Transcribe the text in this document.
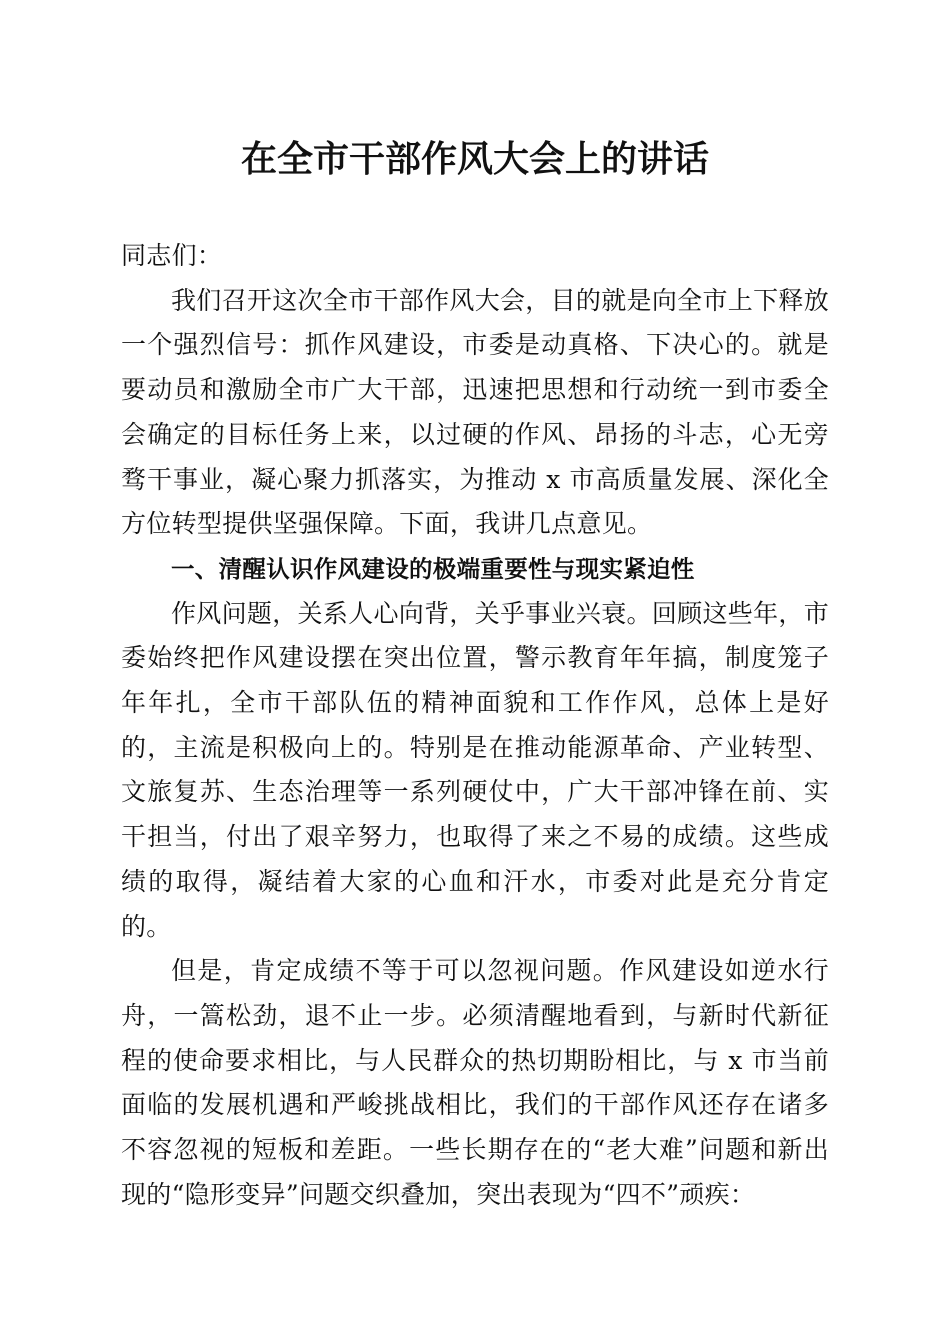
在全市干部作风大会上的讲话

同志们：

我们召开这次全市干部作风大会，目的就是向全市上下释放一个强烈信号：抓作风建设，市委是动真格、下决心的。就是要动员和激励全市广大干部，迅速把思想和行动统一到市委全会确定的目标任务上来，以过硬的作风、昂扬的斗志，心无旁骛干事业，凝心聚力抓落实，为推动 x 市高质量发展、深化全方位转型提供坚强保障。下面，我讲几点意见。

一、清醒认识作风建设的极端重要性与现实紧迫性

作风问题，关系人心向背，关乎事业兴衰。回顾这些年，市委始终把作风建设摆在突出位置，警示教育年年搞，制度笼子年年扎，全市干部队伍的精神面貌和工作作风，总体上是好的，主流是积极向上的。特别是在推动能源革命、产业转型、文旅复苏、生态治理等一系列硬仗中，广大干部冲锋在前、实干担当，付出了艰辛努力，也取得了来之不易的成绩。这些成绩的取得，凝结着大家的心血和汗水，市委对此是充分肯定的。

但是，肯定成绩不等于可以忽视问题。作风建设如逆水行舟，一篙松劲，退不止一步。必须清醒地看到，与新时代新征程的使命要求相比，与人民群众的热切期盼相比，与 x 市当前面临的发展机遇和严峻挑战相比，我们的干部作风还存在诸多不容忽视的短板和差距。一些长期存在的“老大难”问题和新出现的“隐形变异”问题交织叠加，突出表现为“四不”顽疾：
